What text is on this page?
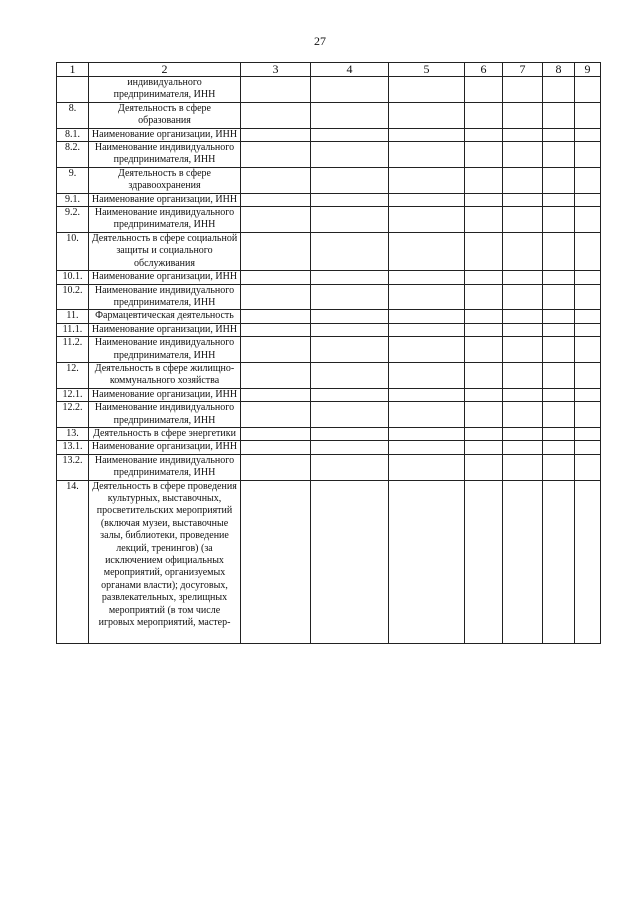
27
1	2	3	4	5	6	7	8	9
	индивидуального предпринимателя, ИНН							
8.	Деятельность в сфере образования							
8.1.	Наименование организации, ИНН							
8.2.	Наименование индивидуального предпринимателя, ИНН							
9.	Деятельность в сфере здравоохранения							
9.1.	Наименование организации, ИНН							
9.2.	Наименование индивидуального предпринимателя, ИНН							
10.	Деятельность в сфере социальной защиты и социального обслуживания							
10.1.	Наименование организации, ИНН							
10.2.	Наименование индивидуального предпринимателя, ИНН							
11.	Фармацевтическая деятельность							
11.1.	Наименование организации, ИНН							
11.2.	Наименование индивидуального предпринимателя, ИНН							
12.	Деятельность в сфере жилищно-коммунального хозяйства							
12.1.	Наименование организации, ИНН							
12.2.	Наименование индивидуального предпринимателя, ИНН							
13.	Деятельность в сфере энергетики							
13.1.	Наименование организации, ИНН							
13.2.	Наименование индивидуального предпринимателя, ИНН							
14.	Деятельность в сфере проведения культурных, выставочных, просветительских мероприятий (включая музеи, выставочные залы, библиотеки, проведение лекций, тренингов) (за исключением официальных мероприятий, организуемых органами власти); досуговых, развлекательных, зрелищных мероприятий (в том числе игровых мероприятий, мастер-							
